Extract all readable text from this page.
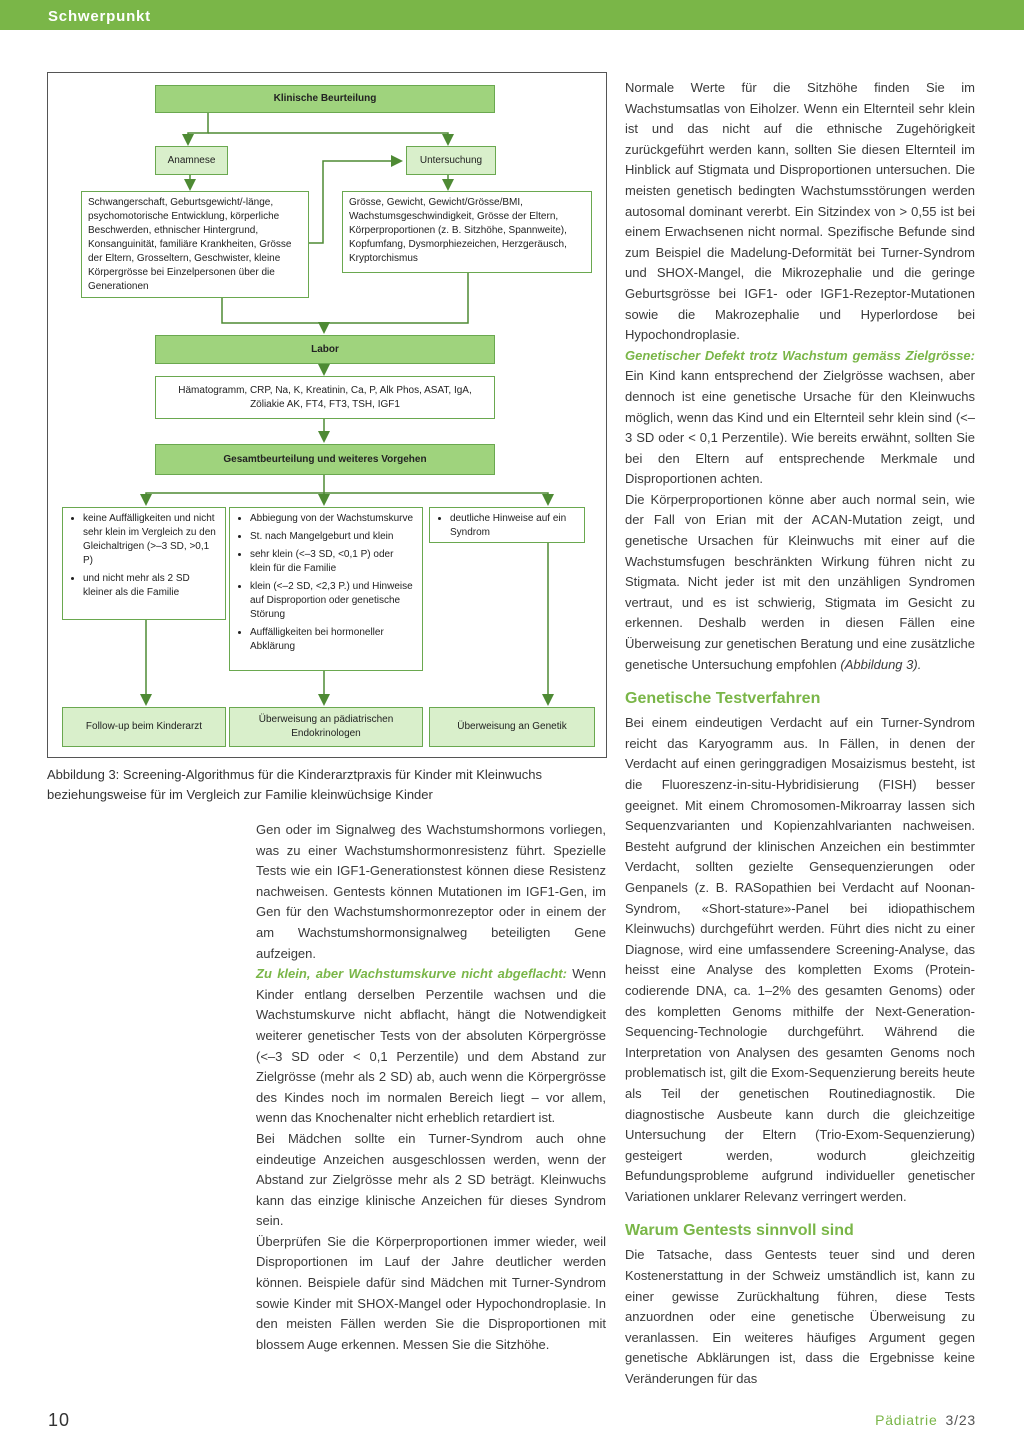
Schwerpunkt
Klinische Beurteilung
Anamnese	Untersuchung
Schwangerschaft, Geburtsgewicht/-länge, psychomotorische Entwicklung, körperliche Beschwerden, ethnischer Hintergrund, Konsanguinität, familiäre Krankheiten, Grösse der Eltern, Grosseltern, Geschwister, kleine Körpergrösse bei Einzelpersonen über die Generationen
Grösse, Gewicht, Gewicht/Grösse/BMI, Wachstumsgeschwindigkeit, Grösse der Eltern, Körperproportionen (z. B. Sitzhöhe, Spannweite), Kopfumfang, Dysmorphiezeichen, Herzgeräusch, Kryptorchismus
Labor
Hämatogramm, CRP, Na, K, Kreatinin, Ca, P, Alk Phos, ASAT, IgA, Zöliakie AK, FT4, FT3, TSH, IGF1
Gesamtbeurteilung und weiteres Vorgehen
• keine Auffälligkeiten und nicht sehr klein im Vergleich zu den Gleichaltrigen (>–3 SD, >0,1 P)
• und nicht mehr als 2 SD kleiner als die Familie
• Abbiegung von der Wachstumskurve
• St. nach Mangelgeburt und klein
• sehr klein (<–3 SD, <0,1 P) oder klein für die Familie
• klein (<–2 SD, <2,3 P.) und Hinweise auf Disproportion oder genetische Störung
• Auffälligkeiten bei hormoneller Abklärung
• deutliche Hinweise auf ein Syndrom
Follow-up beim Kinderarzt
Überweisung an pädiatrischen Endokrinologen
Überweisung an Genetik
Abbildung 3: Screening-Algorithmus für die Kinderarztpraxis für Kinder mit Kleinwuchs beziehungsweise für im Vergleich zur Familie kleinwüchsige Kinder

Gen oder im Signalweg des Wachstumshormons vorliegen, was zu einer Wachstumshormonresistenz führt. Spezielle Tests wie ein IGF1-Generationstest können diese Resistenz nachweisen. Gentests können Mutationen im IGF1-Gen, im Gen für den Wachstumshormonrezeptor oder in einem der am Wachstumshormonsignalweg beteiligten Gene aufzeigen.

Zu klein, aber Wachstumskurve nicht abgeflacht: Wenn Kinder entlang derselben Perzentile wachsen und die Wachstumskurve nicht abflacht, hängt die Notwendigkeit weiterer genetischer Tests von der absoluten Körpergrösse (<–3 SD oder < 0,1 Perzentile) und dem Abstand zur Zielgrösse (mehr als 2 SD) ab, auch wenn die Körpergrösse des Kindes noch im normalen Bereich liegt – vor allem, wenn das Knochenalter nicht erheblich retardiert ist.

Bei Mädchen sollte ein Turner-Syndrom auch ohne eindeutige Anzeichen ausgeschlossen werden, wenn der Abstand zur Zielgrösse mehr als 2 SD beträgt. Kleinwuchs kann das einzige klinische Anzeichen für dieses Syndrom sein.

Überprüfen Sie die Körperproportionen immer wieder, weil Disproportionen im Lauf der Jahre deutlicher werden können. Beispiele dafür sind Mädchen mit Turner-Syndrom sowie Kinder mit SHOX-Mangel oder Hypochondroplasie. In den meisten Fällen werden Sie die Disproportionen mit blossem Auge erkennen. Messen Sie die Sitzhöhe.

Normale Werte für die Sitzhöhe finden Sie im Wachstumsatlas von Eiholzer. Wenn ein Elternteil sehr klein ist und das nicht auf die ethnische Zugehörigkeit zurückgeführt werden kann, sollten Sie diesen Elternteil im Hinblick auf Stigmata und Disproportionen untersuchen. Die meisten genetisch bedingten Wachstumsstörungen werden autosomal dominant vererbt. Ein Sitzindex von > 0,55 ist bei einem Erwachsenen nicht normal. Spezifische Befunde sind zum Beispiel die Madelung-Deformität bei Turner-Syndrom und SHOX-Mangel, die Mikrozephalie und die geringe Geburtsgrösse bei IGF1- oder IGF1-Rezeptor-Mutationen sowie die Makrozephalie und Hyperlordose bei Hypochondroplasie.

Genetischer Defekt trotz Wachstum gemäss Zielgrösse: Ein Kind kann entsprechend der Zielgrösse wachsen, aber dennoch ist eine genetische Ursache für den Kleinwuchs möglich, wenn das Kind und ein Elternteil sehr klein sind (<– 3 SD oder < 0,1 Perzentile). Wie bereits erwähnt, sollten Sie bei den Eltern auf entsprechende Merkmale und Disproportionen achten.

Die Körperproportionen könne aber auch normal sein, wie der Fall von Erian mit der ACAN-Mutation zeigt, und genetische Ursachen für Kleinwuchs mit einer auf die Wachstumsfugen beschränkten Wirkung führen nicht zu Stigmata. Nicht jeder ist mit den unzähligen Syndromen vertraut, und es ist schwierig, Stigmata im Gesicht zu erkennen. Deshalb werden in diesen Fällen eine Überweisung zur genetischen Beratung und eine zusätzliche genetische Untersuchung empfohlen (Abbildung 3).

Genetische Testverfahren

Bei einem eindeutigen Verdacht auf ein Turner-Syndrom reicht das Karyogramm aus. In Fällen, in denen der Verdacht auf einen geringgradigen Mosaizismus besteht, ist die Fluoreszenz-in-situ-Hybridisierung (FISH) besser geeignet. Mit einem Chromosomen-Mikroarray lassen sich Sequenzvarianten und Kopienzahlvarianten nachweisen. Besteht aufgrund der klinischen Anzeichen ein bestimmter Verdacht, sollten gezielte Gensequenzierungen oder Genpanels (z. B. RASopathien bei Verdacht auf Noonan-Syndrom, «Short-stature»-Panel bei idiopathischem Kleinwuchs) durchgeführt werden. Führt dies nicht zu einer Diagnose, wird eine umfassendere Screening-Analyse, das heisst eine Analyse des kompletten Exoms (Protein-codierende DNA, ca. 1–2% des gesamten Genoms) oder des kompletten Genoms mithilfe der Next-Generation-Sequencing-Technologie durchgeführt. Während die Interpretation von Analysen des gesamten Genoms noch problematisch ist, gilt die Exom-Sequenzierung bereits heute als Teil der genetischen Routinediagnostik. Die diagnostische Ausbeute kann durch die gleichzeitige Untersuchung der Eltern (Trio-Exom-Sequenzierung) gesteigert werden, wodurch gleichzeitig Befundungsprobleme aufgrund individueller genetischer Variationen unklarer Relevanz verringert werden.

Warum Gentests sinnvoll sind

Die Tatsache, dass Gentests teuer sind und deren Kostenerstattung in der Schweiz umständlich ist, kann zu einer gewisse Zurückhaltung führen, diese Tests anzuordnen oder eine genetische Überweisung zu veranlassen. Ein weiteres häufiges Argument gegen genetische Abklärungen ist, dass die Ergebnisse keine Veränderungen für das

10	Pädiatrie 3/23
